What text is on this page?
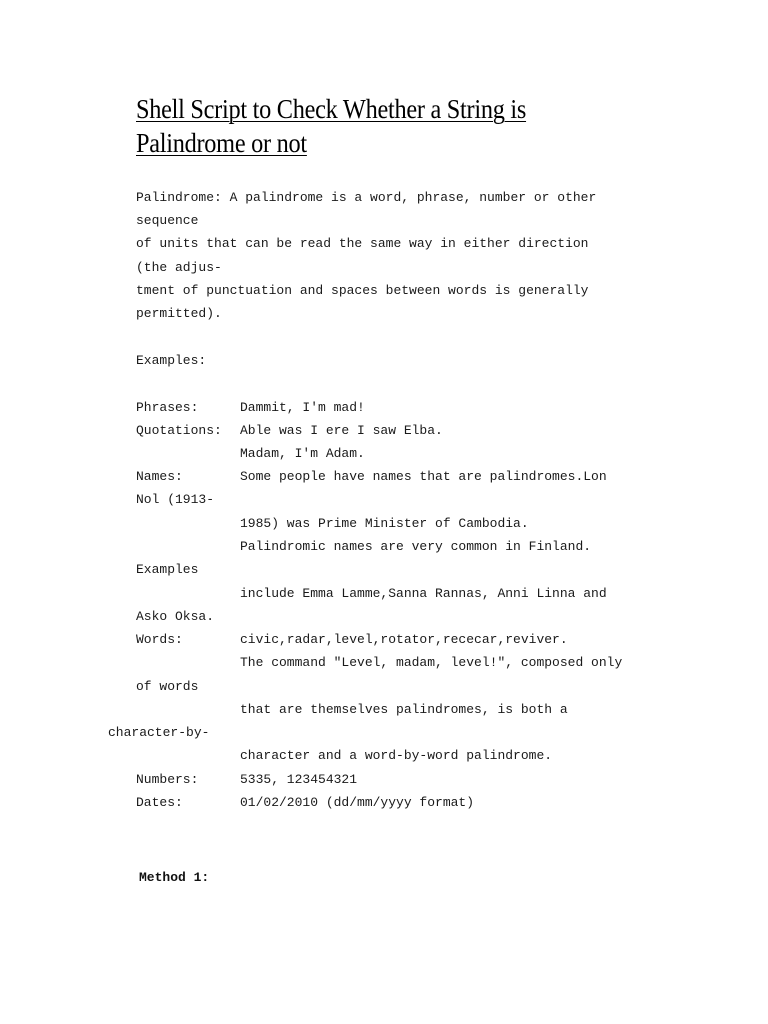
Shell Script to Check Whether a String is
Palindrome or not
Palindrome: A palindrome is a word, phrase, number or other
sequence
of units that can be read the same way in either direction
(the adjus-
tment of punctuation and spaces between words is generally
permitted).
Examples:
Phrases:	Dammit, I'm mad!
Quotations: Able was I ere I saw Elba.
Madam, I'm Adam.
Names:	Some people have names that are palindromes.Lon
Nol (1913-
1985) was Prime Minister of Cambodia.
Palindromic names are very common in Finland.
Examples
include Emma Lamme,Sanna Rannas, Anni Linna and
Asko Oksa.
Words:	civic,radar,level,rotator,rececar,reviver.
The command "Level, madam, level!", composed only
of words
that are themselves palindromes, is both a
character-by-
character and a word-by-word palindrome.
Numbers:	5335, 123454321
Dates:	01/02/2010 (dd/mm/yyyy format)
Method 1:
